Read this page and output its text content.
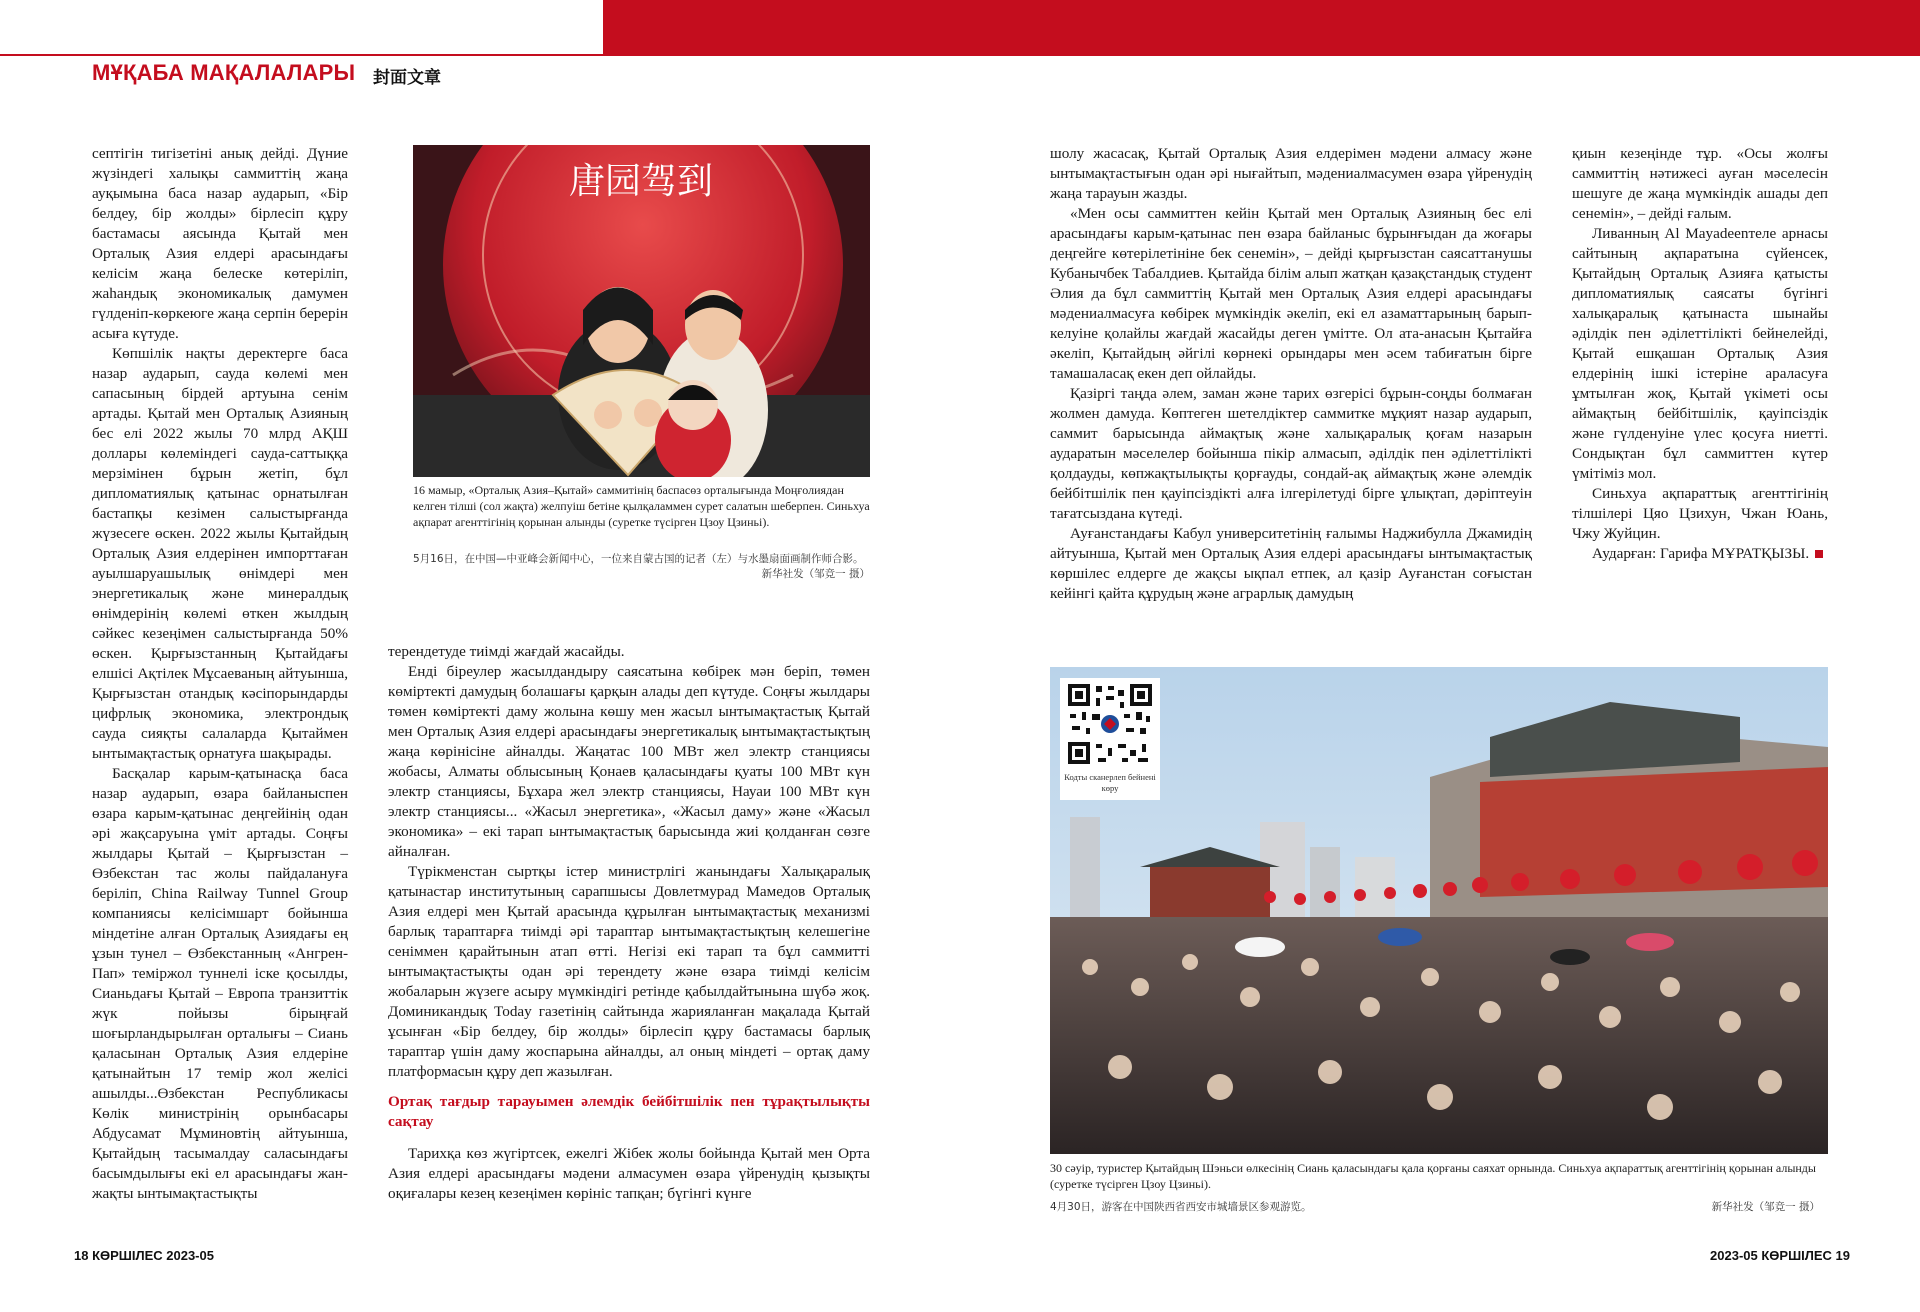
МҰҚАБА МАҚАЛАЛАРЫ 封面文章

септігін тигізетіні анық дейді. Дүние жүзіндегі халықы саммиттің жаңа ауқымына баса назар аударып, «Бір белдеу, бір жолды» бірлесіп құру бастамасы аясында Қытай мен Орталық Азия елдері арасындағы келісім жаңа белеске көтеріліп, жаһандық экономикалық дамумен гүлденіп-көркеюге жаңа серпін берерін асыға күтуде.

Көпшілік нақты деректерге баса назар аударып, сауда көлемі мен сапасының бірдей артуына сенім артады. Қытай мен Орталық Азияның бес елі 2022 жылы 70 млрд АҚШ доллары көлеміндегі сауда-саттыққа мерзімінен бұрын жетіп, бұл дипломатиялық қатынас орнатылған бастапқы кезімен салыстырғанда жүзесеге өскен. 2022 жылы Қытайдың Орталық Азия елдерінен импорттаған ауылшаруашылық өнімдері мен энергетикалық және минералдық өнімдерінің көлемі өткен жылдың сәйкес кезеңімен салыстырғанда 50% өскен. Қырғызстанның Қытайдағы елшісі Ақтілек Мұсаеваның айтуынша, Қырғызстан отандық кәсіпорындарды цифрлық экономика, электрондық сауда сияқты салаларда Қытаймен ынтымақтастық орнатуға шақырады.

Басқалар карым-қатынасқа баса назар аударып, өзара байланыспен өзара карым-қатынас деңгейінің одан әрі жақсаруына үміт артады. Соңғы жылдары Қытай – Қырғызстан – Өзбекстан тас жолы пайдалануға беріліп, China Railway Tunnel Group компаниясы келісімшарт бойынша міндетіне алған Орталық Азиядағы ең ұзын тунел – Өзбекстанның «Ангрен-Пап» теміржол туннелі іске қосылды, Сианьдағы Қытай – Европа транзиттік жүк пойызы бірыңғай шоғырландырылған орталығы – Сиань қаласынан Орталық Азия елдеріне қатынайтын 17 темір жол желісі ашылды...Өзбекстан Республикасы Көлік министрінің орынбасары Абдусамат Мұминовтің айтуынша, Қытайдың тасымалдау саласындағы басымдылығы екі ел арасындағы жан-жақты ынтымақтастықты

唐园驾到
16 мамыр, «Орталық Азия–Қытай» саммитінің баспасөз орталығында Моңғолиядан келген тілші (сол жақта) желпуіш бетіне қылқаламмен сурет салатын шеберпен. Синьхуа ақпарат агенттігінің қорынан алынды (суретке түсірген Цзоу Цзиньі).
5月16日，在中国—中亚峰会新闻中心，一位来自蒙古国的记者（左）与水墨扇面画制作师合影。
新华社发（邹竞一 摄）

терендетуде тиімді жағдай жасайды.

Енді біреулер жасылдандыру саясатына көбірек мән беріп, төмен көміртекті дамудың болашағы қарқын алады деп күтуде. Соңғы жылдары төмен көміртекті даму жолына көшу мен жасыл ынтымақтастық Қытай мен Орталық Азия елдері арасындағы энергетикалық ынтымақтастықтың жаңа көрінісіне айналды. Жаңатас 100 МВт жел электр станциясы жобасы, Алматы облысының Қонаев қаласындағы қуаты 100 МВт күн электр станциясы, Бұхара жел электр станциясы, Науаи 100 МВт күн электр станциясы... «Жасыл энергетика», «Жасыл даму» және «Жасыл экономика» – екі тарап ынтымақтастық барысында жиі қолданған сөзге айналған.

Түрікменстан сыртқы істер министрлігі жанындағы Халықаралық қатынастар институтының сарапшысы Довлетмурад Мамедов Орталық Азия елдері мен Қытай арасында құрылған ынтымақтастық механизмі барлық тараптарға тиімді әрі тараптар ынтымақтастықтың келешегіне сеніммен қарайтынын атап өтті. Негізі екі тарап та бұл саммитті ынтымақтастықты одан әрі терендету және өзара тиімді келісім жобаларын жүзеге асыру мүмкіндігі ретінде қабылдайтынына шүбә жоқ. Доминикандық Today газетінің сайтында жарияланған мақалада Қытай ұсынған «Бір белдеу, бір жолды» бірлесіп құру бастамасы барлық тараптар үшін даму жоспарына айналды, ал оның міндеті – ортақ даму платформасын құру деп жазылған.

Ортақ тағдыр тарауымен әлемдік бейбітшілік пен тұрақтылықты сақтау

Тарихқа көз жүгіртсек, ежелгі Жібек жолы бойында Қытай мен Орта Азия елдері арасындағы мәдени алмасумен өзара үйренудің қызықты оқиғалары кезең кезеңімен көрініс тапқан; бүгінгі күнге

шолу жасасақ, Қытай Орталық Азия елдерімен мәдени алмасу және ынтымақтастығын одан әрі нығайтып, мәдениалмасумен өзара үйренудің жаңа тарауын жазды.

«Мен осы саммиттен кейін Қытай мен Орталық Азияның бес елі арасындағы карым-қатынас пен өзара байланыс бұрынғыдан да жоғары деңгейге көтерілетініне бек сенемін», – дейді қырғызстан саясаттанушы Кубанычбек Табалдиев. Қытайда білім алып жатқан қазақстандық студент Әлия да бұл саммиттің Қытай мен Орталық Азия елдері арасындағы мәдениалмасуға көбірек мүмкіндік әкеліп, екі ел азаматтарының барып-келуіне қолайлы жағдай жасайды деген үмітте. Ол ата-анасын Қытайға әкеліп, Қытайдың әйгілі көрнекі орындары мен әсем табиғатын бірге тамашаласақ екен деп ойлайды.

Қазіргі таңда әлем, заман және тарих өзгерісі бұрын-соңды болмаған жолмен дамуда. Көптеген шетелдіктер саммитке мұқият назар аударып, саммит барысында аймақтық және халықаралық қоғам назарын аударатын мәселелер бойынша пікір алмасып, әділдік пен әділеттілікті қолдауды, көпжақтылықты қорғауды, сондай-ақ аймақтық және әлемдік бейбітшілік пен қауіпсіздікті алға ілгерілетуді бірге ұлықтап, дәріптеуін тағатсыздана күтеді.

Ауғанстандағы Кабул университетінің ғалымы Наджибулла Джамидің айтуынша, Қытай мен Орталық Азия елдері арасындағы ынтымақтастық көршілес елдерге де жақсы ықпал етпек, ал қазір Ауғанстан соғыстан кейінгі қайта құрудың және аграрлық дамудың

қиын кезеңінде тұр. «Осы жолғы саммиттің нәтижесі ауған мәселесін шешуге де жаңа мүмкіндік ашады деп сенемін», – дейді ғалым.

Ливанның Al Mayadeenтеле арнасы сайтының ақпаратына сүйенсек, Қытайдың Орталық Азияға қатысты дипломатиялық саясаты бүгінгі халықаралық қатынаста шынайы әділдік пен әділеттілікті бейнелейді, Қытай ешқашан Орталық Азия елдерінің ішкі істеріне араласуға ұмтылған жоқ, Қытай үкіметі осы аймақтың бейбітшілік, қауіпсіздік және гүлденуіне үлес қосуға ниетті. Сондықтан бұл саммиттен күтер үмітіміз мол.

Синьхуа ақпараттық агенттігінің тілшілері Цяо Цзихун, Чжан Юань, Чжу Жуйцин.

Аударған: Гарифа МҰРАТҚЫЗЫ.

Кодты сканерлеп бейнені көру
30 сәуір, туристер Қытайдың Шэньси өлкесінің Сиань қаласындағы қала қорғаны саяхат орнында. Синьхуа ақпараттық агенттігінің қорынан алынды (суретке түсірген Цзоу Цзиньі).
4月30日，游客在中国陕西省西安市城墙景区参观游览。	新华社发（邹竞一 摄）
18 КӨРШІЛЕС 2023-05	2023-05 КӨРШІЛЕС 19
